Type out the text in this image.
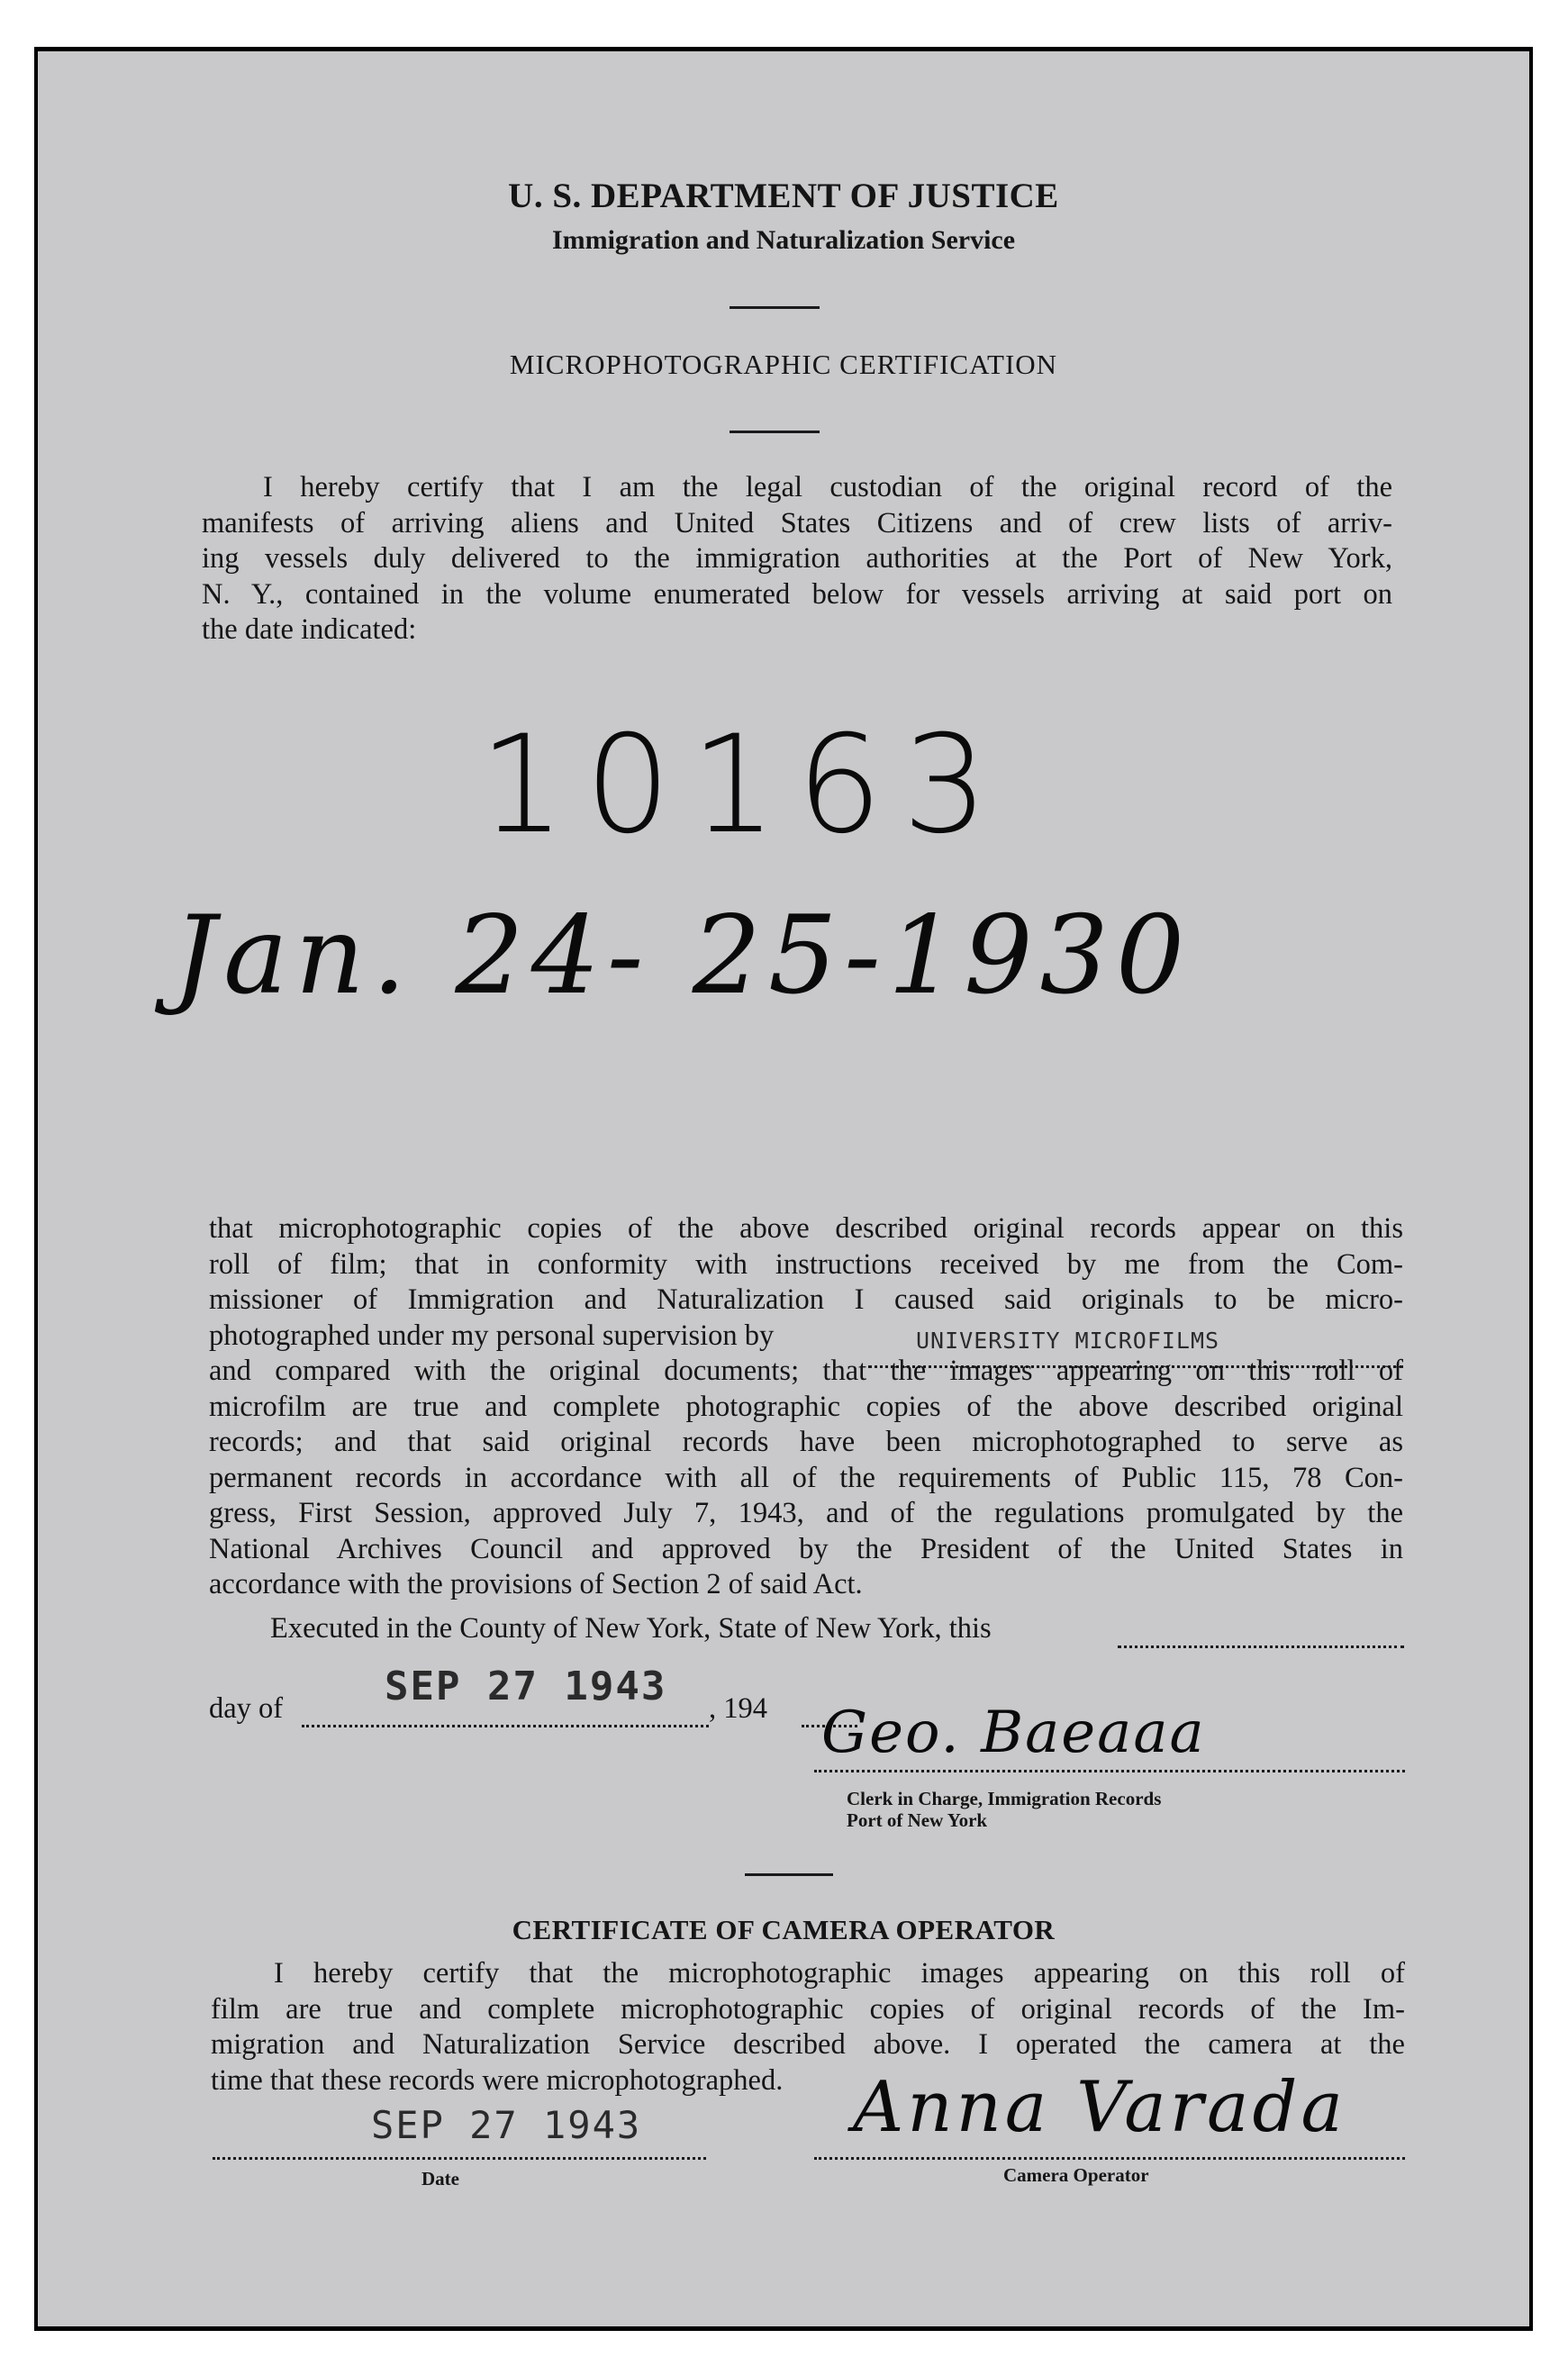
U. S. DEPARTMENT OF JUSTICE
Immigration and Naturalization Service
MICROPHOTOGRAPHIC CERTIFICATION
I hereby certify that I am the legal custodian of the original record of the
manifests of arriving aliens and United States Citizens and of crew lists of arriv-
ing vessels duly delivered to the immigration authorities at the Port of New York,
N. Y., contained in the volume enumerated below for vessels arriving at said port on
the date indicated:
10163
Jan. 24- 25-1930
that microphotographic copies of the above described original records appear on this
roll of film; that in conformity with instructions received by me from the Com-
missioner of Immigration and Naturalization I caused said originals to be micro-
photographed under my personal supervision by
and compared with the original documents; that the images appearing on this roll of
microfilm are true and complete photographic copies of the above described original
records; and that said original records have been microphotographed to serve as
permanent records in accordance with all of the requirements of Public 115, 78 Con-
gress, First Session, approved July 7, 1943, and of the regulations promulgated by the
National Archives Council and approved by the President of the United States in
accordance with the provisions of Section 2 of said Act.
UNIVERSITY MICROFILMS
Executed in the County of New York, State of New York, this
day of	SEP 27 1943 , 194 Geo. Baeaaa
Clerk in Charge, Immigration Records
Port of New York
CERTIFICATE OF CAMERA OPERATOR
I hereby certify that the microphotographic images appearing on this roll of
film are true and complete microphotographic copies of original records of the Im-
migration and Naturalization Service described above. I operated the camera at the
time that these records were microphotographed.
SEP 27 1943
Date
Anna Varada
Camera Operator
